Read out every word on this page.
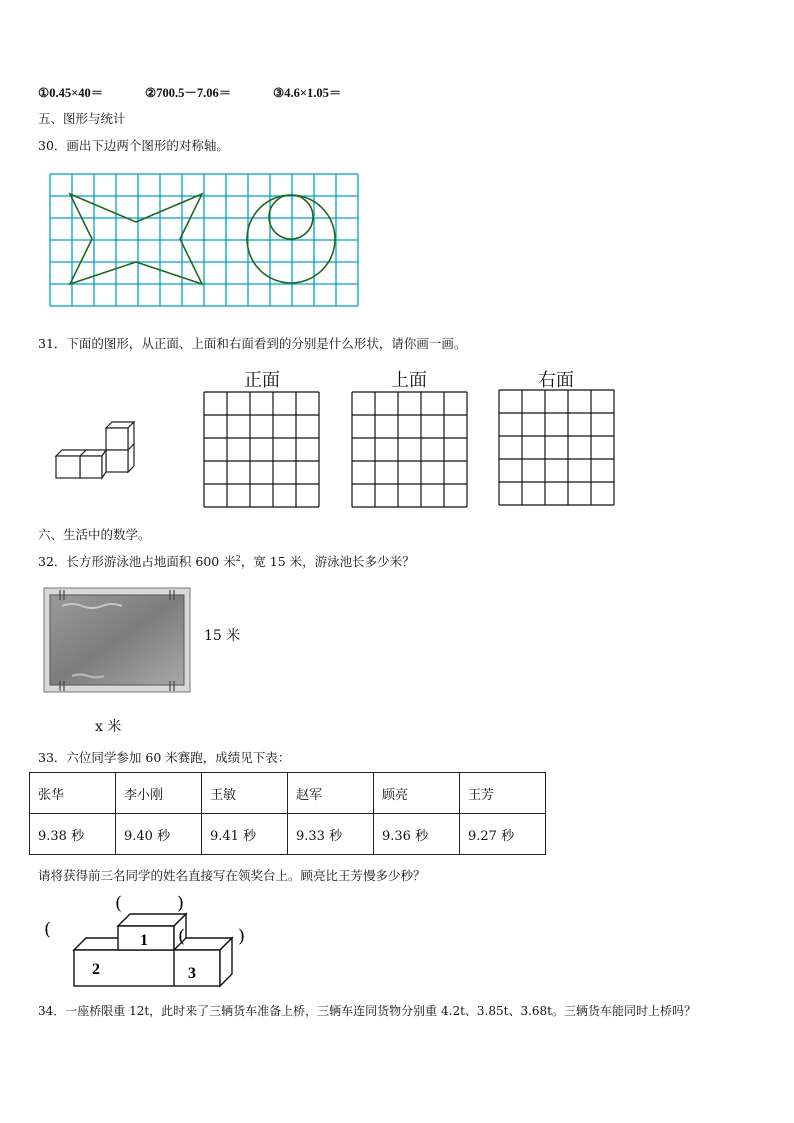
①0.45×40＝	②700.5－7.06＝	③4.6×1.05＝
五、图形与统计
30．画出下边两个图形的对称轴。
31．下面的图形，从正面、上面和右面看到的分别是什么形状，请你画一画。
正面	上面	右面
六、生活中的数学。
32．长方形游泳池占地面积 600 米$^2$，宽 15 米，游泳池长多少米？
15 米
x 米
33．六位同学参加 60 米赛跑，成绩见下表：
张华	李小刚	王敏	赵军	顾亮	王芳
9.38 秒	9.40 秒	9.41 秒	9.33 秒	9.36 秒	9.27 秒
请将获得前三名同学的姓名直接写在领奖台上。顾亮比王芳慢多少秒？
1
2	3
(	)
(	(	)
34．一座桥限重 12t，此时来了三辆货车准备上桥，三辆车连同货物分别重 4.2t、3.85t、3.68t。三辆货车能同时上桥吗？
